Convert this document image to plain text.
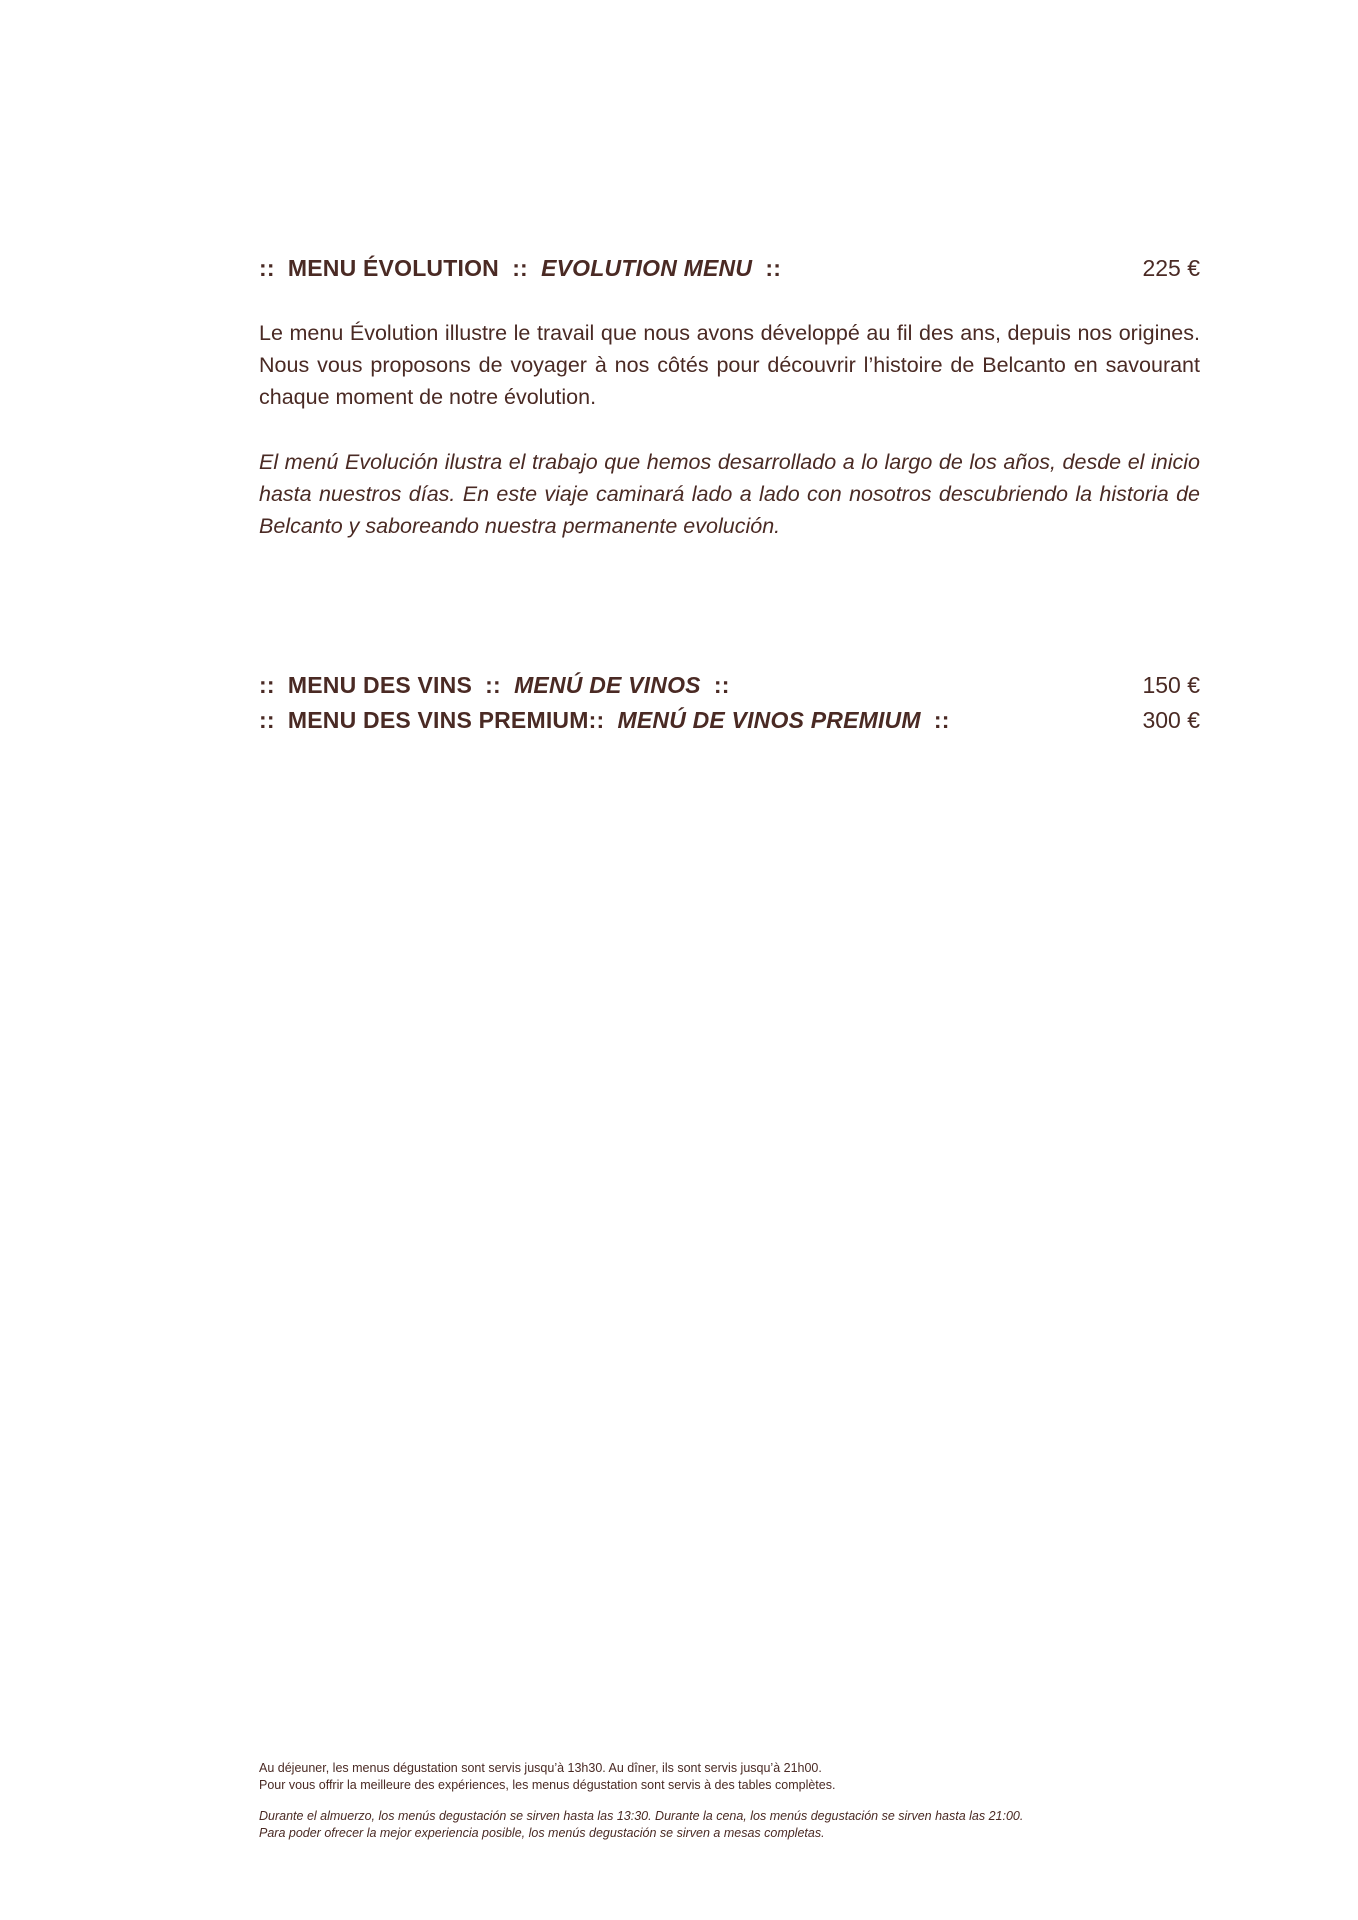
:: MENU ÉVOLUTION :: EVOLUTION MENU ::	225 €

Le menu Évolution illustre le travail que nous avons développé au fil des ans, depuis nos origines. Nous vous proposons de voyager à nos côtés pour découvrir l’histoire de Belcanto en savourant chaque moment de notre évolution.

El menú Evolución ilustra el trabajo que hemos desarrollado a lo largo de los años, desde el inicio hasta nuestros días. En este viaje caminará lado a lado con nosotros descubriendo la historia de Belcanto y saboreando nuestra permanente evolución.

:: MENU DES VINS :: MENÚ DE VINOS ::	150 €
:: MENU DES VINS PREMIUM:: MENÚ DE VINOS PREMIUM ::	300 €

Au déjeuner, les menus dégustation sont servis jusqu’à 13h30. Au dîner, ils sont servis jusqu’à 21h00.
Pour vous offrir la meilleure des expériences, les menus dégustation sont servis à des tables complètes.

Durante el almuerzo, los menús degustación se sirven hasta las 13:30. Durante la cena, los menús degustación se sirven hasta las 21:00.
Para poder ofrecer la mejor experiencia posible, los menús degustación se sirven a mesas completas.
